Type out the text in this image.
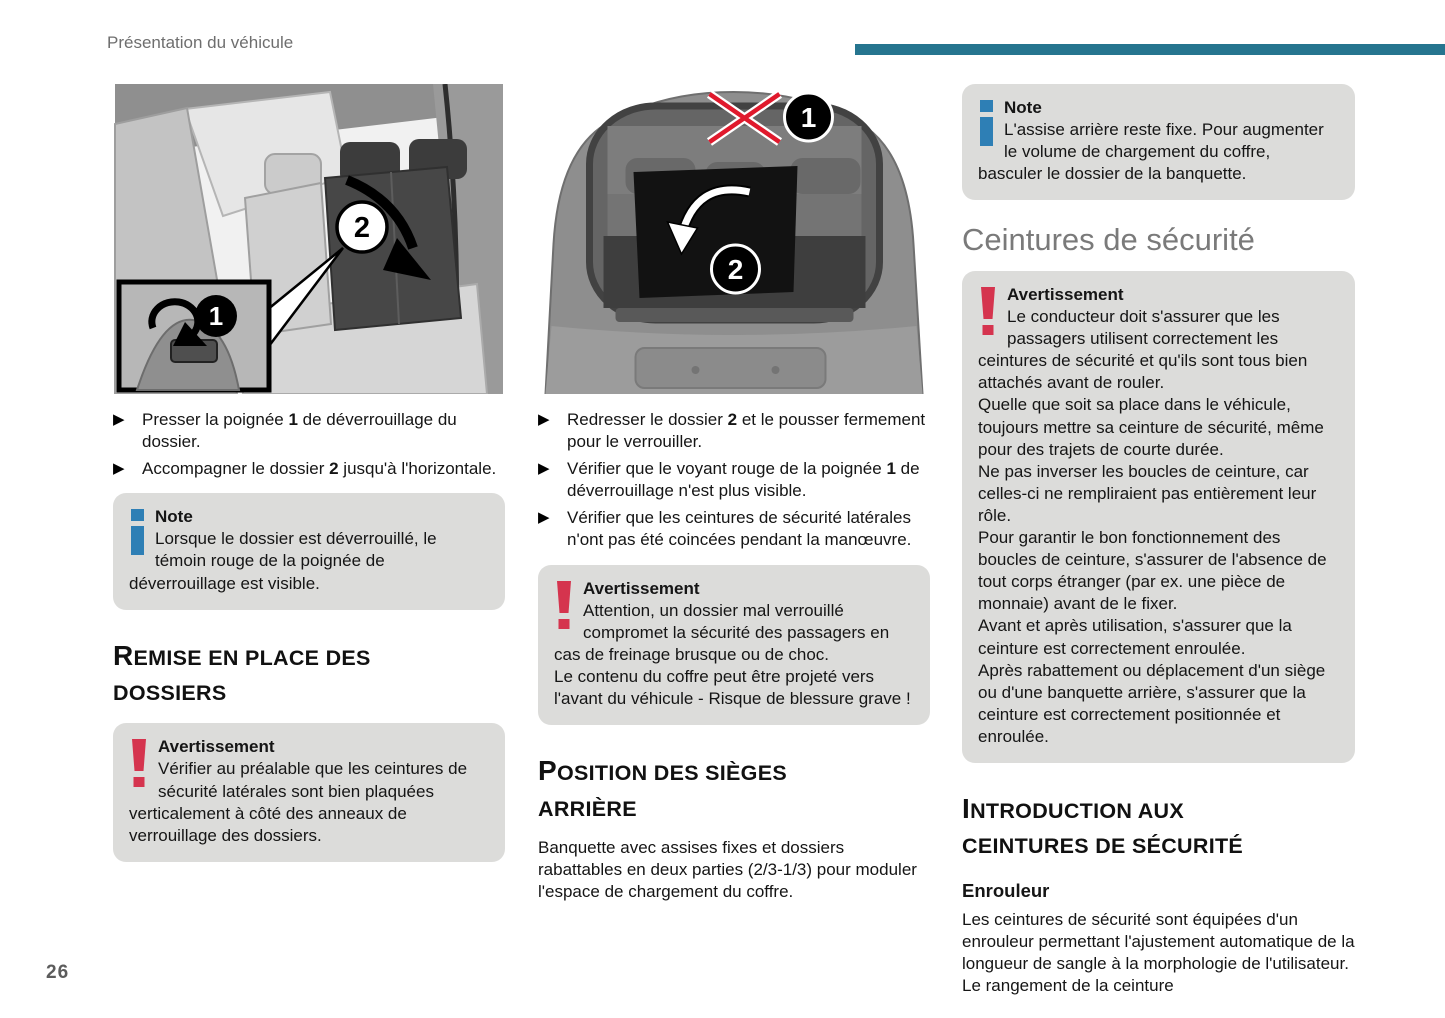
Présentation du véhicule
2
1
▶ Presser la poignée 1 de déverrouillage du dossier.
▶ Accompagner le dossier 2 jusqu'à l'horizontale.
Note
Lorsque le dossier est déverrouillé, le témoin rouge de la poignée de déverrouillage est visible.
REMISE EN PLACE DES DOSSIERS
Avertissement
Vérifier au préalable que les ceintures de sécurité latérales sont bien plaquées verticalement à côté des anneaux de verrouillage des dossiers.
2
1
▶ Redresser le dossier 2 et le pousser fermement pour le verrouiller.
▶ Vérifier que le voyant rouge de la poignée 1 de déverrouillage n'est plus visible.
▶ Vérifier que les ceintures de sécurité latérales n'ont pas été coincées pendant la manœuvre.
Avertissement
Attention, un dossier mal verrouillé compromet la sécurité des passagers en cas de freinage brusque ou de choc.
Le contenu du coffre peut être projeté vers l'avant du véhicule - Risque de blessure grave !
POSITION DES SIÈGES ARRIÈRE
Banquette avec assises fixes et dossiers rabattables en deux parties (2/3-1/3) pour moduler l'espace de chargement du coffre.
Note
L'assise arrière reste fixe. Pour augmenter le volume de chargement du coffre, basculer le dossier de la banquette.
Ceintures de sécurité
Avertissement
Le conducteur doit s'assurer que les passagers utilisent correctement les ceintures de sécurité et qu'ils sont tous bien attachés avant de rouler.
Quelle que soit sa place dans le véhicule, toujours mettre sa ceinture de sécurité, même pour des trajets de courte durée.
Ne pas inverser les boucles de ceinture, car celles-ci ne rempliraient pas entièrement leur rôle.
Pour garantir le bon fonctionnement des boucles de ceinture, s'assurer de l'absence de tout corps étranger (par ex. une pièce de monnaie) avant de le fixer.
Avant et après utilisation, s'assurer que la ceinture est correctement enroulée.
Après rabattement ou déplacement d'un siège ou d'une banquette arrière, s'assurer que la ceinture est correctement positionnée et enroulée.
INTRODUCTION AUX CEINTURES DE SÉCURITÉ
Enrouleur
Les ceintures de sécurité sont équipées d'un enrouleur permettant l'ajustement automatique de la longueur de sangle à la morphologie de l'utilisateur. Le rangement de la ceinture
26
